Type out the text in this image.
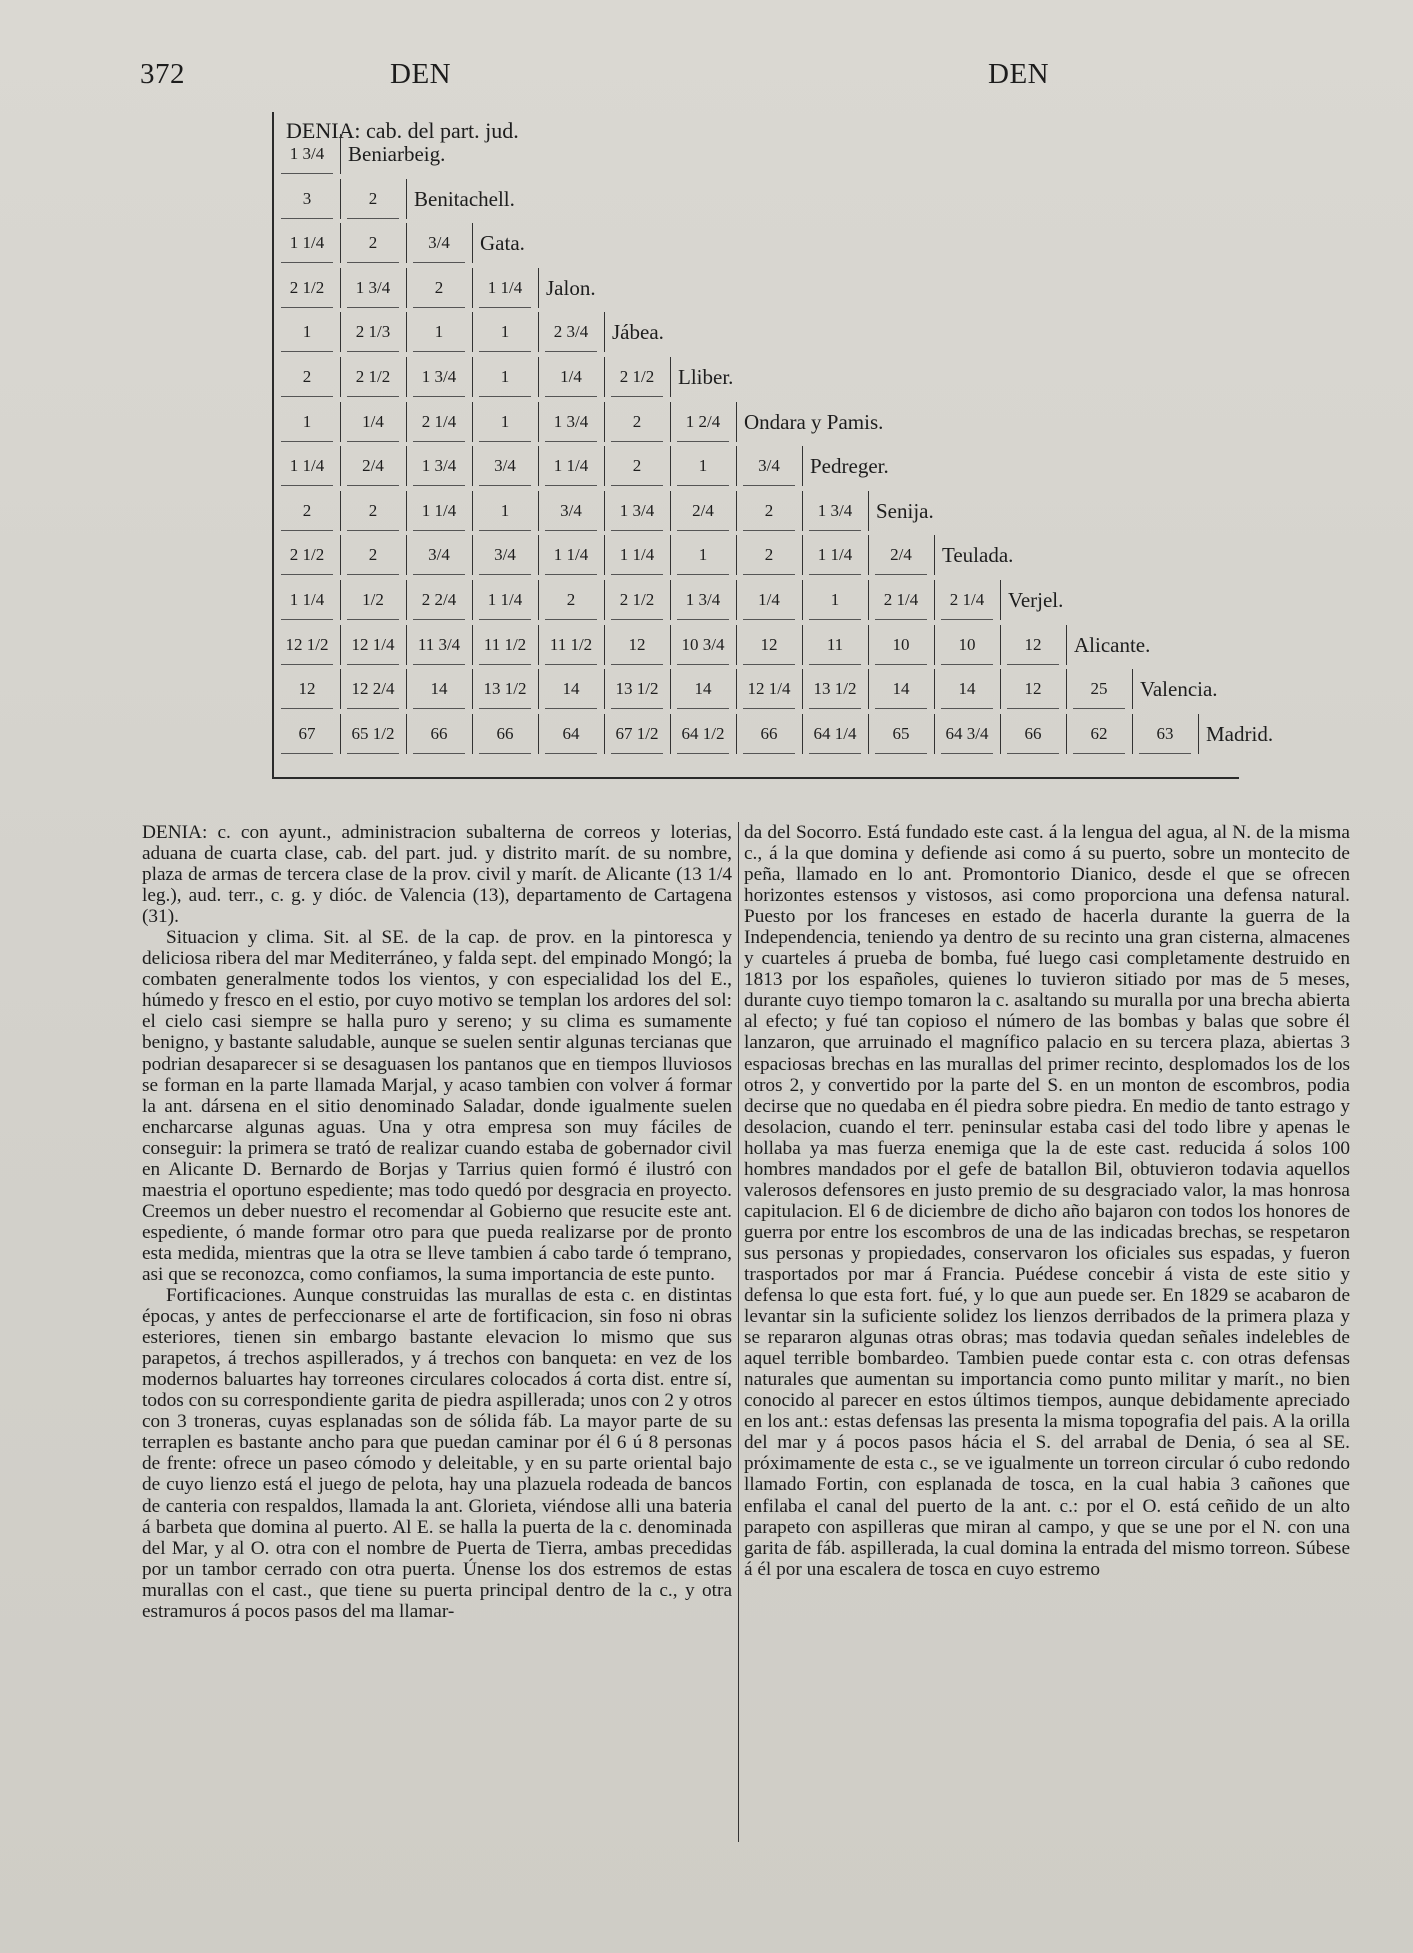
372	DEN	DEN
DENIA: cab. del part. jud.
1 3/4	Beniarbeig.
3	2	Benitachell.
1 1/4	2	3/4	Gata.
2 1/2	1 3/4	2	1 1/4	Jalon.
1	2 1/3	1	1	2 3/4	Jábea.
2	2 1/2	1 3/4	1	1/4	2 1/2	Lliber.
1	1/4	2 1/4	1	1 3/4	2	1 2/4	Ondara y Pamis.
1 1/4	2/4	1 3/4	3/4	1 1/4	2	1	3/4	Pedreger.
2	2	1 1/4	1	3/4	1 3/4	2/4	2	1 3/4	Senija.
2 1/2	2	3/4	3/4	1 1/4	1 1/4	1	2	1 1/4	2/4	Teulada.
1 1/4	1/2	2 2/4	1 1/4	2	2 1/2	1 3/4	1/4	1	2 1/4	2 1/4	Verjel.
12 1/2	12 1/4	11 3/4	11 1/2	11 1/2	12	10 3/4	12	11	10	10	12	Alicante.
12	12 2/4	14	13 1/2	14	13 1/2	14	12 1/4	13 1/2	14	14	12	25	Valencia.
67	65 1/2	66	66	64	67 1/2	64 1/2	66	64 1/4	65	64 3/4	66	62	63	Madrid.

DENIA: c. con ayunt., administracion subalterna de correos y loterias, aduana de cuarta clase, cab. del part. jud. y distrito marít. de su nombre, plaza de armas de tercera clase de la prov. civil y marít. de Alicante (13 1/4 leg.), aud. terr., c. g. y dióc. de Valencia (13), departamento de Cartagena (31).

Situacion y clima. Sit. al SE. de la cap. de prov. en la pintoresca y deliciosa ribera del mar Mediterráneo, y falda sept. del empinado Mongó; la combaten generalmente todos los vientos, y con especialidad los del E., húmedo y fresco en el estio, por cuyo motivo se templan los ardores del sol: el cielo casi siempre se halla puro y sereno; y su clima es sumamente benigno, y bastante saludable, aunque se suelen sentir algunas tercianas que podrian desaparecer si se desaguasen los pantanos que en tiempos lluviosos se forman en la parte llamada Marjal, y acaso tambien con volver á formar la ant. dársena en el sitio denominado Saladar, donde igualmente suelen encharcarse algunas aguas. Una y otra empresa son muy fáciles de conseguir: la primera se trató de realizar cuando estaba de gobernador civil en Alicante D. Bernardo de Borjas y Tarrius quien formó é ilustró con maestria el oportuno espediente; mas todo quedó por desgracia en proyecto. Creemos un deber nuestro el recomendar al Gobierno que resucite este ant. espediente, ó mande formar otro para que pueda realizarse por de pronto esta medida, mientras que la otra se lleve tambien á cabo tarde ó temprano, asi que se reconozca, como confiamos, la suma importancia de este punto.

Fortificaciones. Aunque construidas las murallas de esta c. en distintas épocas, y antes de perfeccionarse el arte de fortificacion, sin foso ni obras esteriores, tienen sin embargo bastante elevacion lo mismo que sus parapetos, á trechos aspillerados, y á trechos con banqueta: en vez de los modernos baluartes hay torreones circulares colocados á corta dist. entre sí, todos con su correspondiente garita de piedra aspillerada; unos con 2 y otros con 3 troneras, cuyas esplanadas son de sólida fáb. La mayor parte de su terraplen es bastante ancho para que puedan caminar por él 6 ú 8 personas de frente: ofrece un paseo cómodo y deleitable, y en su parte oriental bajo de cuyo lienzo está el juego de pelota, hay una plazuela rodeada de bancos de canteria con respaldos, llamada la ant. Glorieta, viéndose alli una bateria á barbeta que domina al puerto. Al E. se halla la puerta de la c. denominada del Mar, y al O. otra con el nombre de Puerta de Tierra, ambas precedidas por un tambor cerrado con otra puerta. Únense los dos estremos de estas murallas con el cast., que tiene su puerta principal dentro de la c., y otra estramuros á pocos pasos del ma llamar-

da del Socorro. Está fundado este cast. á la lengua del agua, al N. de la misma c., á la que domina y defiende asi como á su puerto, sobre un montecito de peña, llamado en lo ant. Promontorio Dianico, desde el que se ofrecen horizontes estensos y vistosos, asi como proporciona una defensa natural. Puesto por los franceses en estado de hacerla durante la guerra de la Independencia, teniendo ya dentro de su recinto una gran cisterna, almacenes y cuarteles á prueba de bomba, fué luego casi completamente destruido en 1813 por los españoles, quienes lo tuvieron sitiado por mas de 5 meses, durante cuyo tiempo tomaron la c. asaltando su muralla por una brecha abierta al efecto; y fué tan copioso el número de las bombas y balas que sobre él lanzaron, que arruinado el magnífico palacio en su tercera plaza, abiertas 3 espaciosas brechas en las murallas del primer recinto, desplomados los de los otros 2, y convertido por la parte del S. en un monton de escombros, podia decirse que no quedaba en él piedra sobre piedra. En medio de tanto estrago y desolacion, cuando el terr. peninsular estaba casi del todo libre y apenas le hollaba ya mas fuerza enemiga que la de este cast. reducida á solos 100 hombres mandados por el gefe de batallon Bil, obtuvieron todavia aquellos valerosos defensores en justo premio de su desgraciado valor, la mas honrosa capitulacion. El 6 de diciembre de dicho año bajaron con todos los honores de guerra por entre los escombros de una de las indicadas brechas, se respetaron sus personas y propiedades, conservaron los oficiales sus espadas, y fueron trasportados por mar á Francia. Puédese concebir á vista de este sitio y defensa lo que esta fort. fué, y lo que aun puede ser. En 1829 se acabaron de levantar sin la suficiente solidez los lienzos derribados de la primera plaza y se repararon algunas otras obras; mas todavia quedan señales indelebles de aquel terrible bombardeo. Tambien puede contar esta c. con otras defensas naturales que aumentan su importancia como punto militar y marít., no bien conocido al parecer en estos últimos tiempos, aunque debidamente apreciado en los ant.: estas defensas las presenta la misma topografia del pais. A la orilla del mar y á pocos pasos hácia el S. del arrabal de Denia, ó sea al SE. próximamente de esta c., se ve igualmente un torreon circular ó cubo redondo llamado Fortin, con esplanada de tosca, en la cual habia 3 cañones que enfilaba el canal del puerto de la ant. c.: por el O. está ceñido de un alto parapeto con aspilleras que miran al campo, y que se une por el N. con una garita de fáb. aspillerada, la cual domina la entrada del mismo torreon. Súbese á él por una escalera de tosca en cuyo estremo
